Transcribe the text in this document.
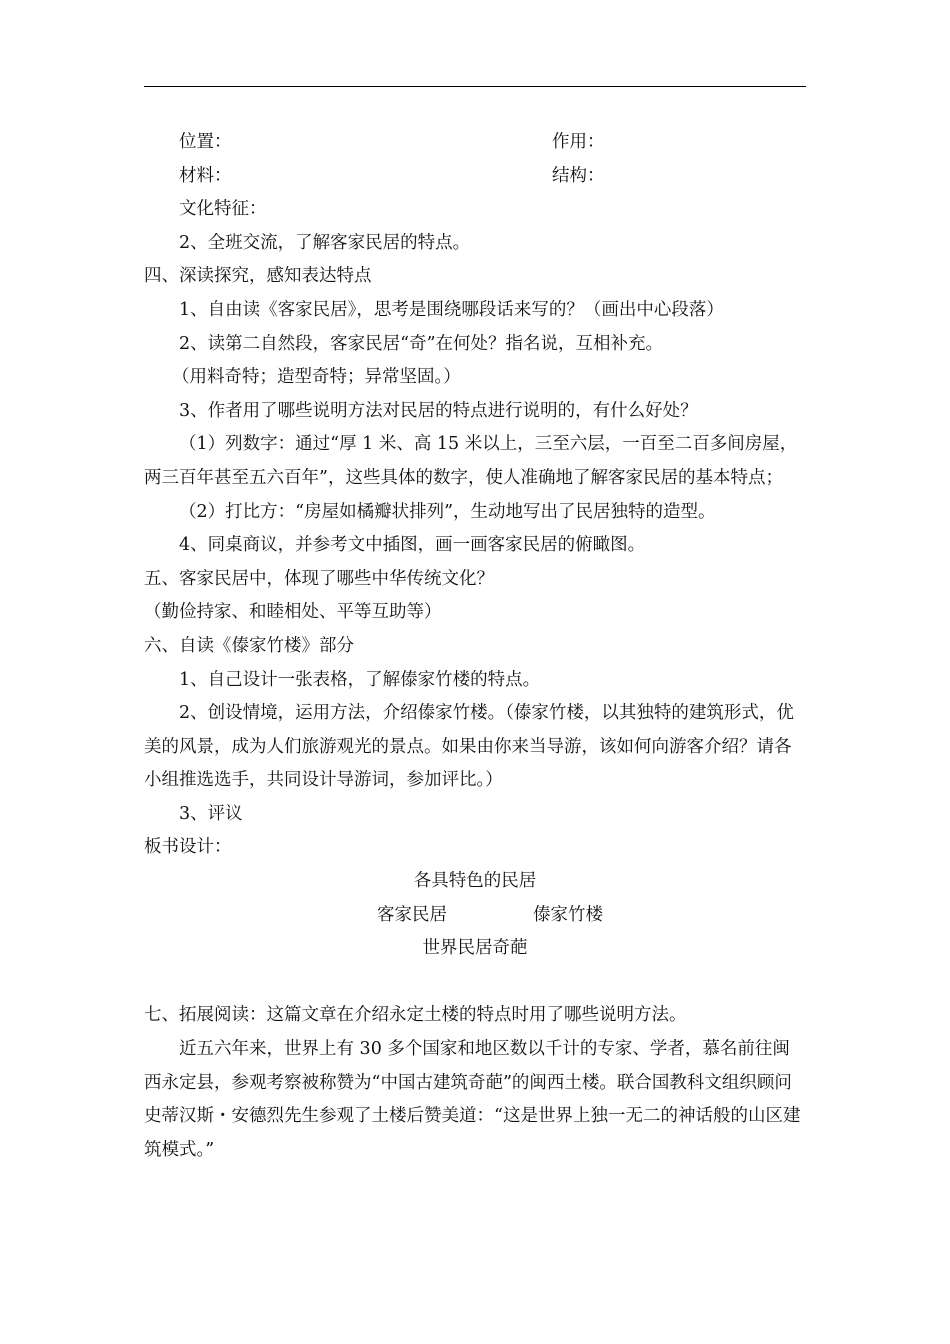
位置：	作用：
材料：	结构：

文化特征：

2、全班交流，了解客家民居的特点。

四、深读探究，感知表达特点

1、自由读《客家民居》，思考是围绕哪段话来写的？（画出中心段落）

2、读第二自然段，客家民居“奇”在何处？指名说，互相补充。

（用料奇特；造型奇特；异常坚固。）

3、作者用了哪些说明方法对民居的特点进行说明的，有什么好处？

（1）列数字：通过“厚 1 米、高 15 米以上，三至六层，一百至二百多间房屋，两三百年甚至五六百年”，这些具体的数字，使人准确地了解客家民居的基本特点；

（2）打比方：“房屋如橘瓣状排列”，生动地写出了民居独特的造型。

4、同桌商议，并参考文中插图，画一画客家民居的俯瞰图。

五、客家民居中，体现了哪些中华传统文化？

（勤俭持家、和睦相处、平等互助等）

六、自读《傣家竹楼》部分

1、自己设计一张表格，了解傣家竹楼的特点。

2、创设情境，运用方法，介绍傣家竹楼。（傣家竹楼，以其独特的建筑形式，优美的风景，成为人们旅游观光的景点。如果由你来当导游，该如何向游客介绍？请各小组推选选手，共同设计导游词，参加评比。）

3、评议

板书设计：

各具特色的民居

客家民居	傣家竹楼

世界民居奇葩

七、拓展阅读：这篇文章在介绍永定土楼的特点时用了哪些说明方法。

近五六年来，世界上有 30 多个国家和地区数以千计的专家、学者，慕名前往闽西永定县，参观考察被称赞为“中国古建筑奇葩”的闽西土楼。联合国教科文组织顾问史蒂汉斯・安德烈先生参观了土楼后赞美道：“这是世界上独一无二的神话般的山区建筑模式。”
